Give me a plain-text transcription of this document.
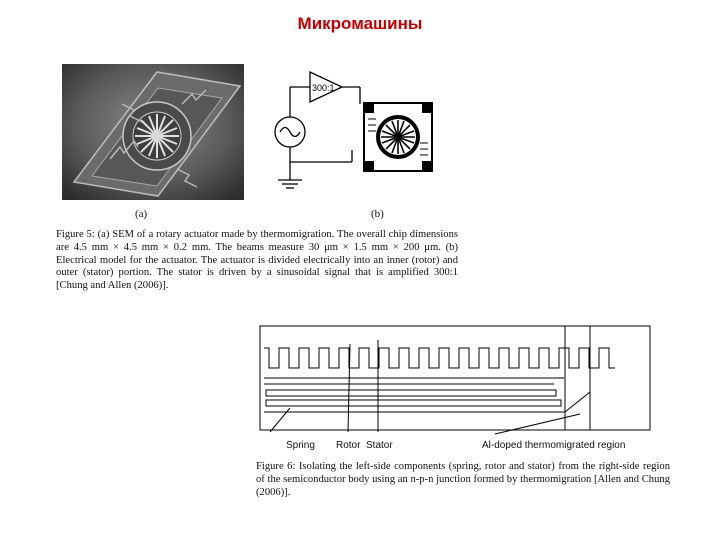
Микромашины
300:1
(a)	(b)
Figure 5: (a) SEM of a rotary actuator made by thermomigration. The overall chip dimensions are 4.5 mm × 4.5 mm × 0.2 mm. The beams measure 30 μm × 1.5 mm × 200 μm. (b) Electrical model for the actuator. The actuator is divided electrically into an inner (rotor) and outer (stator) portion. The stator is driven by a sinusoidal signal that is amplified 300:1 [Chung and Allen (2006)].
Spring Rotor Stator	Al-doped thermomigrated region
Figure 6: Isolating the left-side components (spring, rotor and stator) from the right-side region of the semiconductor body using an n-p-n junction formed by thermomigration [Allen and Chung (2006)].
